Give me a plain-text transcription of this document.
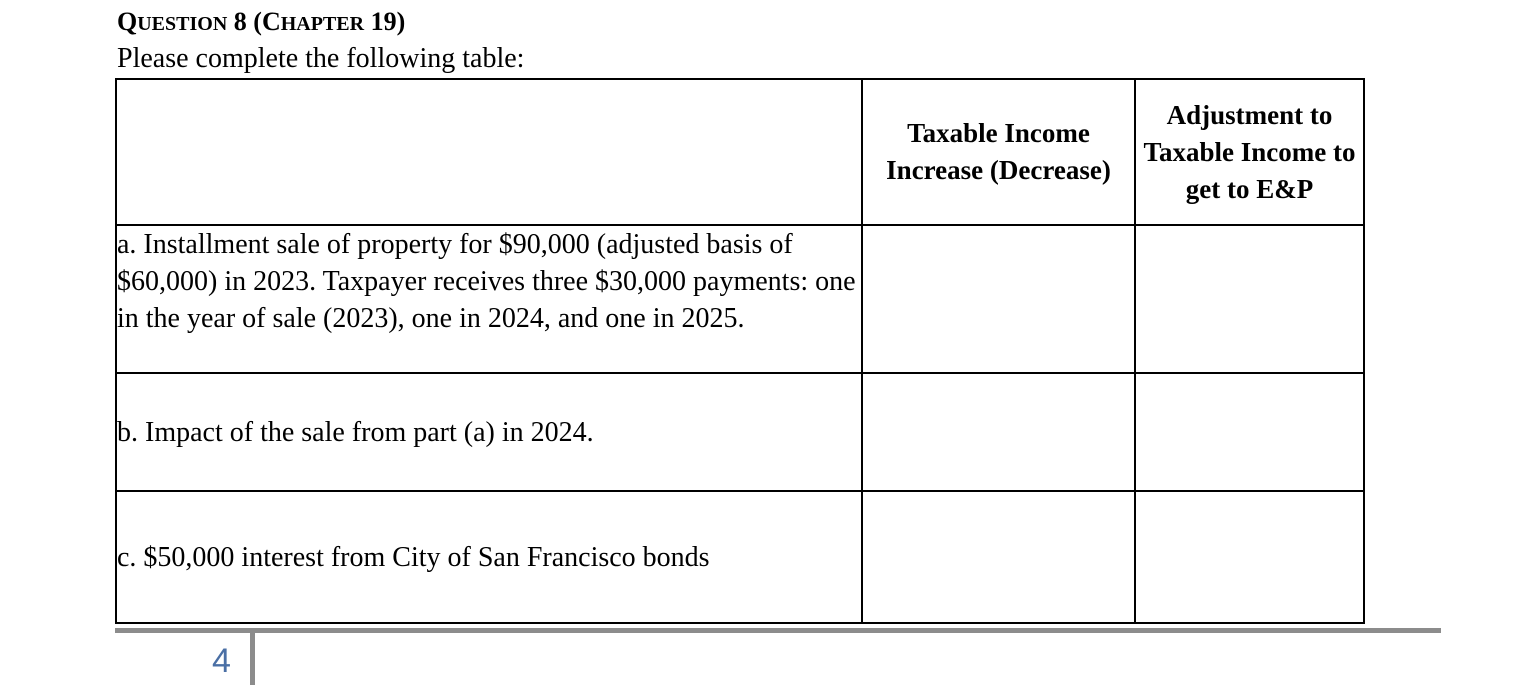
QUESTION 8 (CHAPTER 19)
Please complete the following table:
	Taxable Income Increase (Decrease)	Adjustment to Taxable Income to get to E&P
a. Installment sale of property for $90,000 (adjusted basis of $60,000) in 2023. Taxpayer receives three $30,000 payments: one in the year of sale (2023), one in 2024, and one in 2025.		
b. Impact of the sale from part (a) in 2024.		
c. $50,000 interest from City of San Francisco bonds		
4
